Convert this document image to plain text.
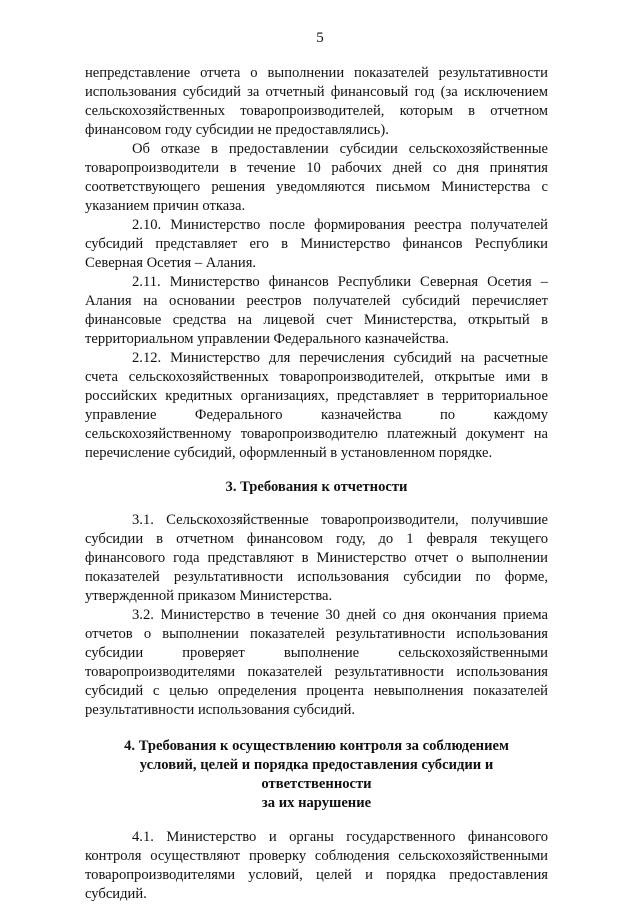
5

непредставление отчета о выполнении показателей результативности использования субсидий за отчетный финансовый год (за исключением сельскохозяйственных товаропроизводителей, которым в отчетном финансовом году субсидии не предоставлялись).

Об отказе в предоставлении субсидии сельскохозяйственные товаропроизводители в течение 10 рабочих дней со дня принятия соответствующего решения уведомляются письмом Министерства с указанием причин отказа.

2.10. Министерство после формирования реестра получателей субсидий представляет его в Министерство финансов Республики Северная Осетия – Алания.

2.11. Министерство финансов Республики Северная Осетия – Алания на основании реестров получателей субсидий перечисляет финансовые средства на лицевой счет Министерства, открытый в территориальном управлении Федерального казначейства.

2.12. Министерство для перечисления субсидий на расчетные счета сельскохозяйственных товаропроизводителей, открытые ими в российских кредитных организациях, представляет в территориальное управление Федерального казначейства по каждому сельскохозяйственному товаропроизводителю платежный документ на перечисление субсидий, оформленный в установленном порядке.

3. Требования к отчетности

3.1. Сельскохозяйственные товаропроизводители, получившие субсидии в отчетном финансовом году, до 1 февраля текущего финансового года представляют в Министерство отчет о выполнении показателей результативности использования субсидии по форме, утвержденной приказом Министерства.

3.2. Министерство в течение 30 дней со дня окончания приема отчетов о выполнении показателей результативности использования субсидии проверяет выполнение сельскохозяйственными товаропроизводителями показателей результативности использования субсидий с целью определения процента невыполнения показателей результативности использования субсидий.

4. Требования к осуществлению контроля за соблюдением
условий, целей и порядка предоставления субсидии и ответственности
за их нарушение

4.1. Министерство и органы государственного финансового контроля осуществляют проверку соблюдения сельскохозяйственными товаропроизводителями условий, целей и порядка предоставления субсидий.
